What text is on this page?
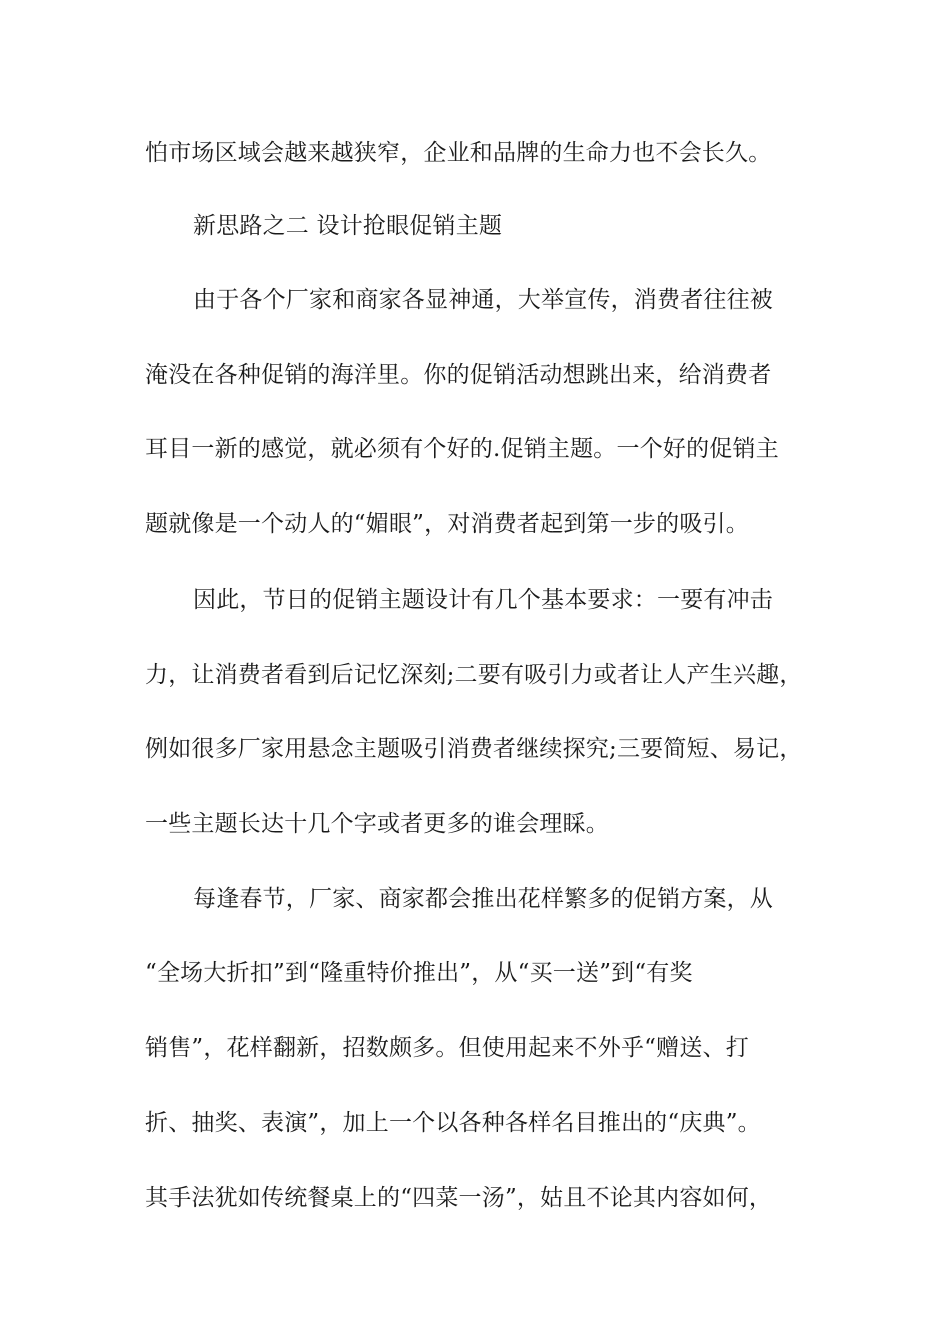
怕市场区域会越来越狭窄，企业和品牌的生命力也不会长久。
新思路之二 设计抢眼促销主题
由于各个厂家和商家各显神通，大举宣传，消费者往往被
淹没在各种促销的海洋里。你的促销活动想跳出来，给消费者
耳目一新的感觉，就必须有个好的.促销主题。一个好的促销主
题就像是一个动人的“媚眼”，对消费者起到第一步的吸引。
因此，节日的促销主题设计有几个基本要求：一要有冲击
力，让消费者看到后记忆深刻;二要有吸引力或者让人产生兴趣，
例如很多厂家用悬念主题吸引消费者继续探究;三要简短、易记，
一些主题长达十几个字或者更多的谁会理睬。
每逢春节，厂家、商家都会推出花样繁多的促销方案，从
“全场大折扣”到“隆重特价推出”，从“买一送”到“有奖
销售”，花样翻新，招数颇多。但使用起来不外乎“赠送、打
折、抽奖、表演”，加上一个以各种各样名目推出的“庆典”。
其手法犹如传统餐桌上的“四菜一汤”，姑且不论其内容如何，
